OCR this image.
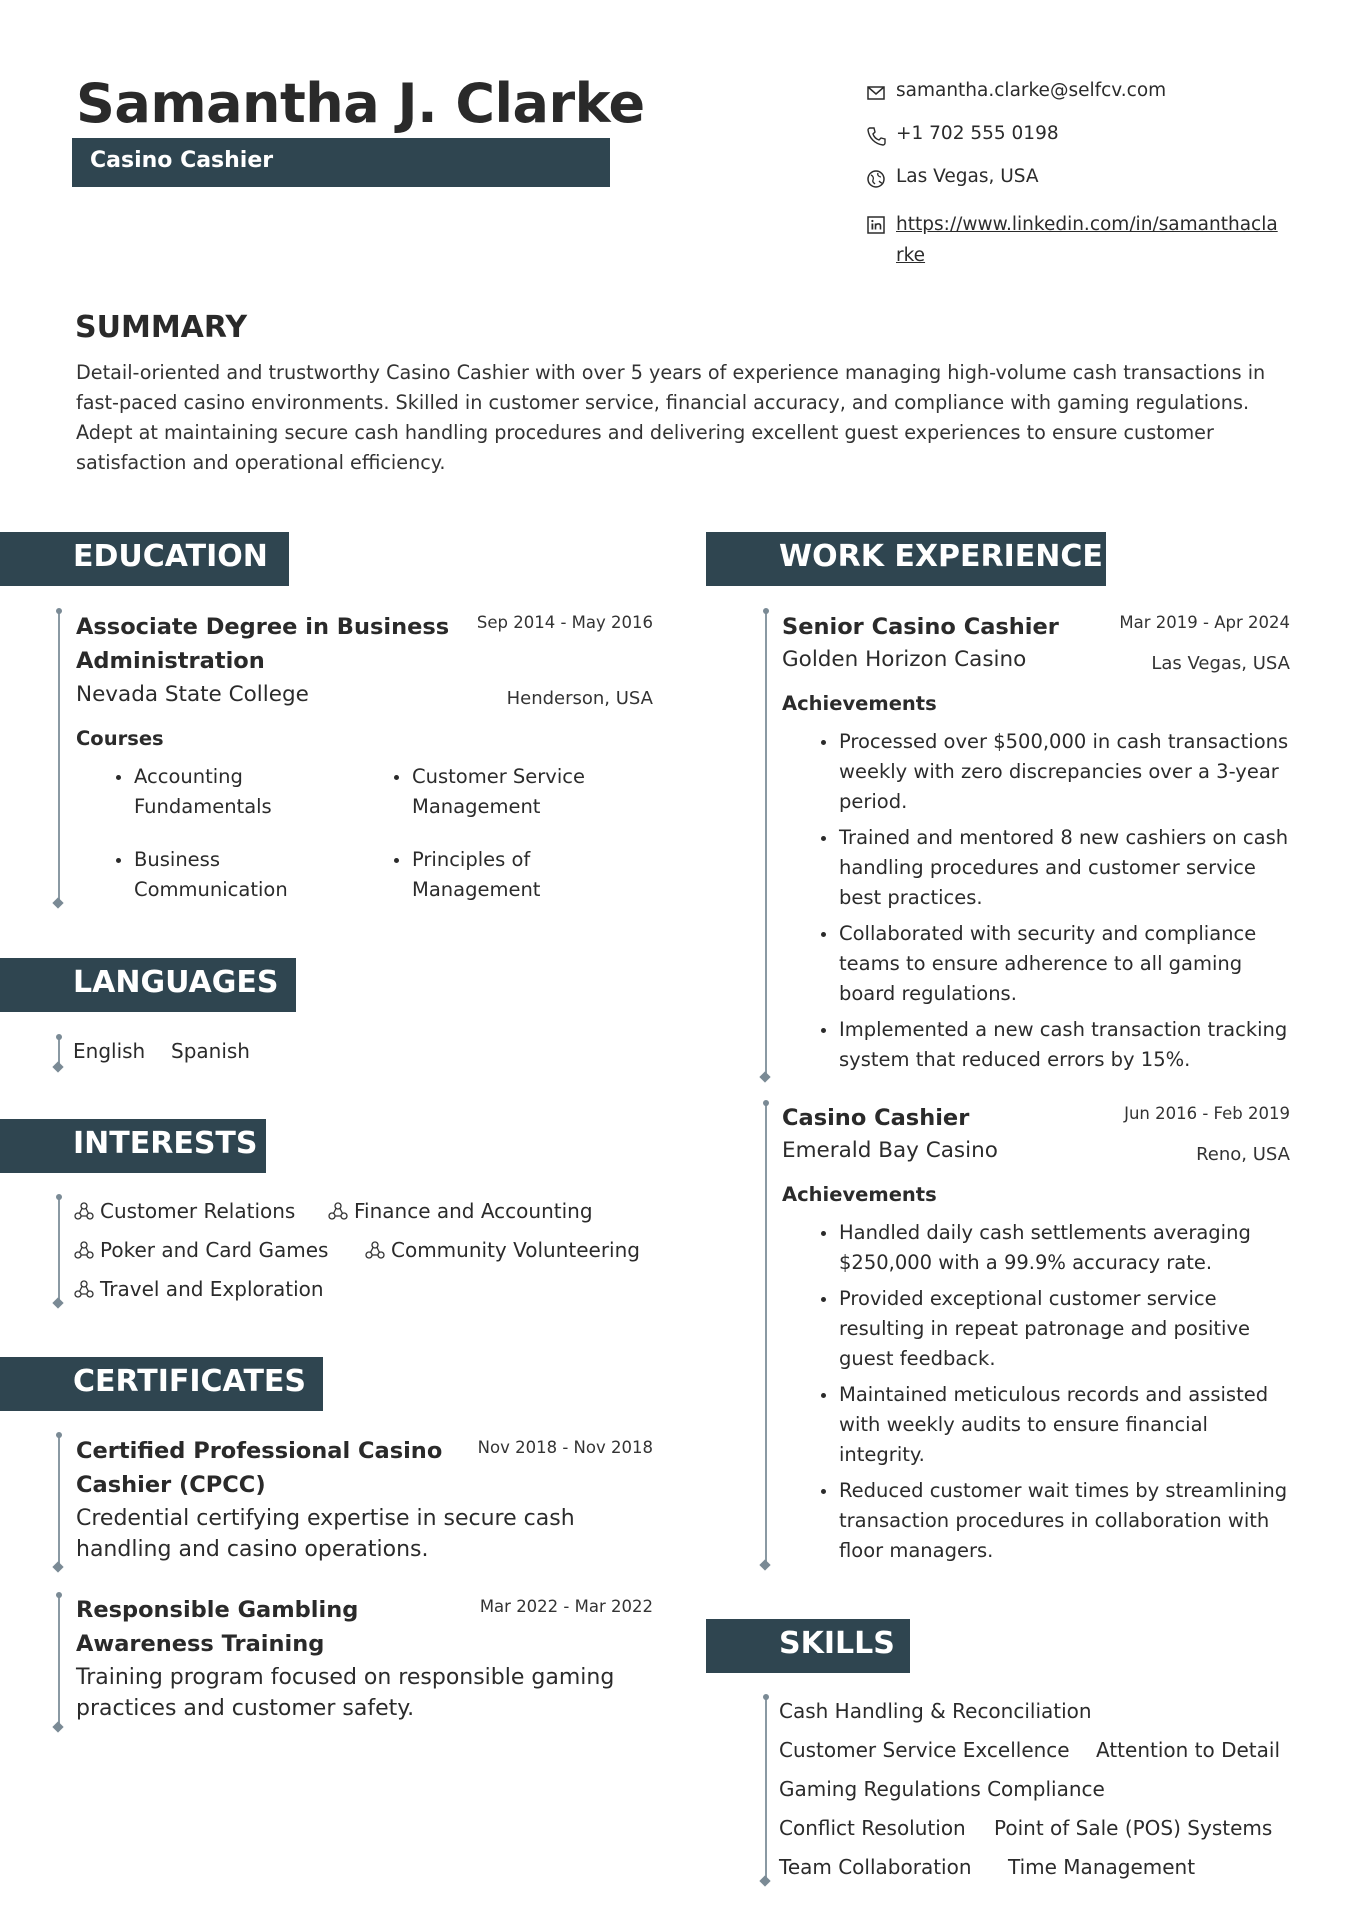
Samantha J. Clarke
Casino Cashier
samantha.clarke@selfcv.com
+1 702 555 0198
Las Vegas, USA
https://www.linkedin.com/in/samanthacla
rke
SUMMARY
Detail-oriented and trustworthy Casino Cashier with over 5 years of experience managing high-volume cash transactions in fast-paced casino environments. Skilled in customer service, financial accuracy, and compliance with gaming regulations. Adept at maintaining secure cash handling procedures and delivering excellent guest experiences to ensure customer satisfaction and operational efficiency.
EDUCATION
Associate Degree in Business
Administration
Sep 2014 - May 2016
Nevada State College	Henderson, USA
Courses
Accounting
Fundamentals
Customer Service
Management
Business
Communication
Principles of
Management
LANGUAGES
English Spanish
INTERESTS
Customer Relations	Finance and Accounting
Poker and Card Games	Community Volunteering
Travel and Exploration
CERTIFICATES
Certified Professional Casino
Cashier (CPCC)
Nov 2018 - Nov 2018
Credential certifying expertise in secure cash
handling and casino operations.
Responsible Gambling
Awareness Training
Mar 2022 - Mar 2022
Training program focused on responsible gaming
practices and customer safety.
WORK EXPERIENCE
Senior Casino Cashier	Mar 2019 - Apr 2024
Golden Horizon Casino	Las Vegas, USA
Achievements
Processed over $500,000 in cash transactions weekly with zero discrepancies over a 3-year period.
Trained and mentored 8 new cashiers on cash handling procedures and customer service best practices.
Collaborated with security and compliance teams to ensure adherence to all gaming board regulations.
Implemented a new cash transaction tracking system that reduced errors by 15%.
Casino Cashier	Jun 2016 - Feb 2019
Emerald Bay Casino	Reno, USA
Achievements
Handled daily cash settlements averaging $250,000 with a 99.9% accuracy rate.
Provided exceptional customer service resulting in repeat patronage and positive guest feedback.
Maintained meticulous records and assisted with weekly audits to ensure financial integrity.
Reduced customer wait times by streamlining transaction procedures in collaboration with floor managers.
SKILLS
Cash Handling & Reconciliation
Customer Service Excellence Attention to Detail
Gaming Regulations Compliance
Conflict Resolution Point of Sale (POS) Systems
Team Collaboration Time Management
